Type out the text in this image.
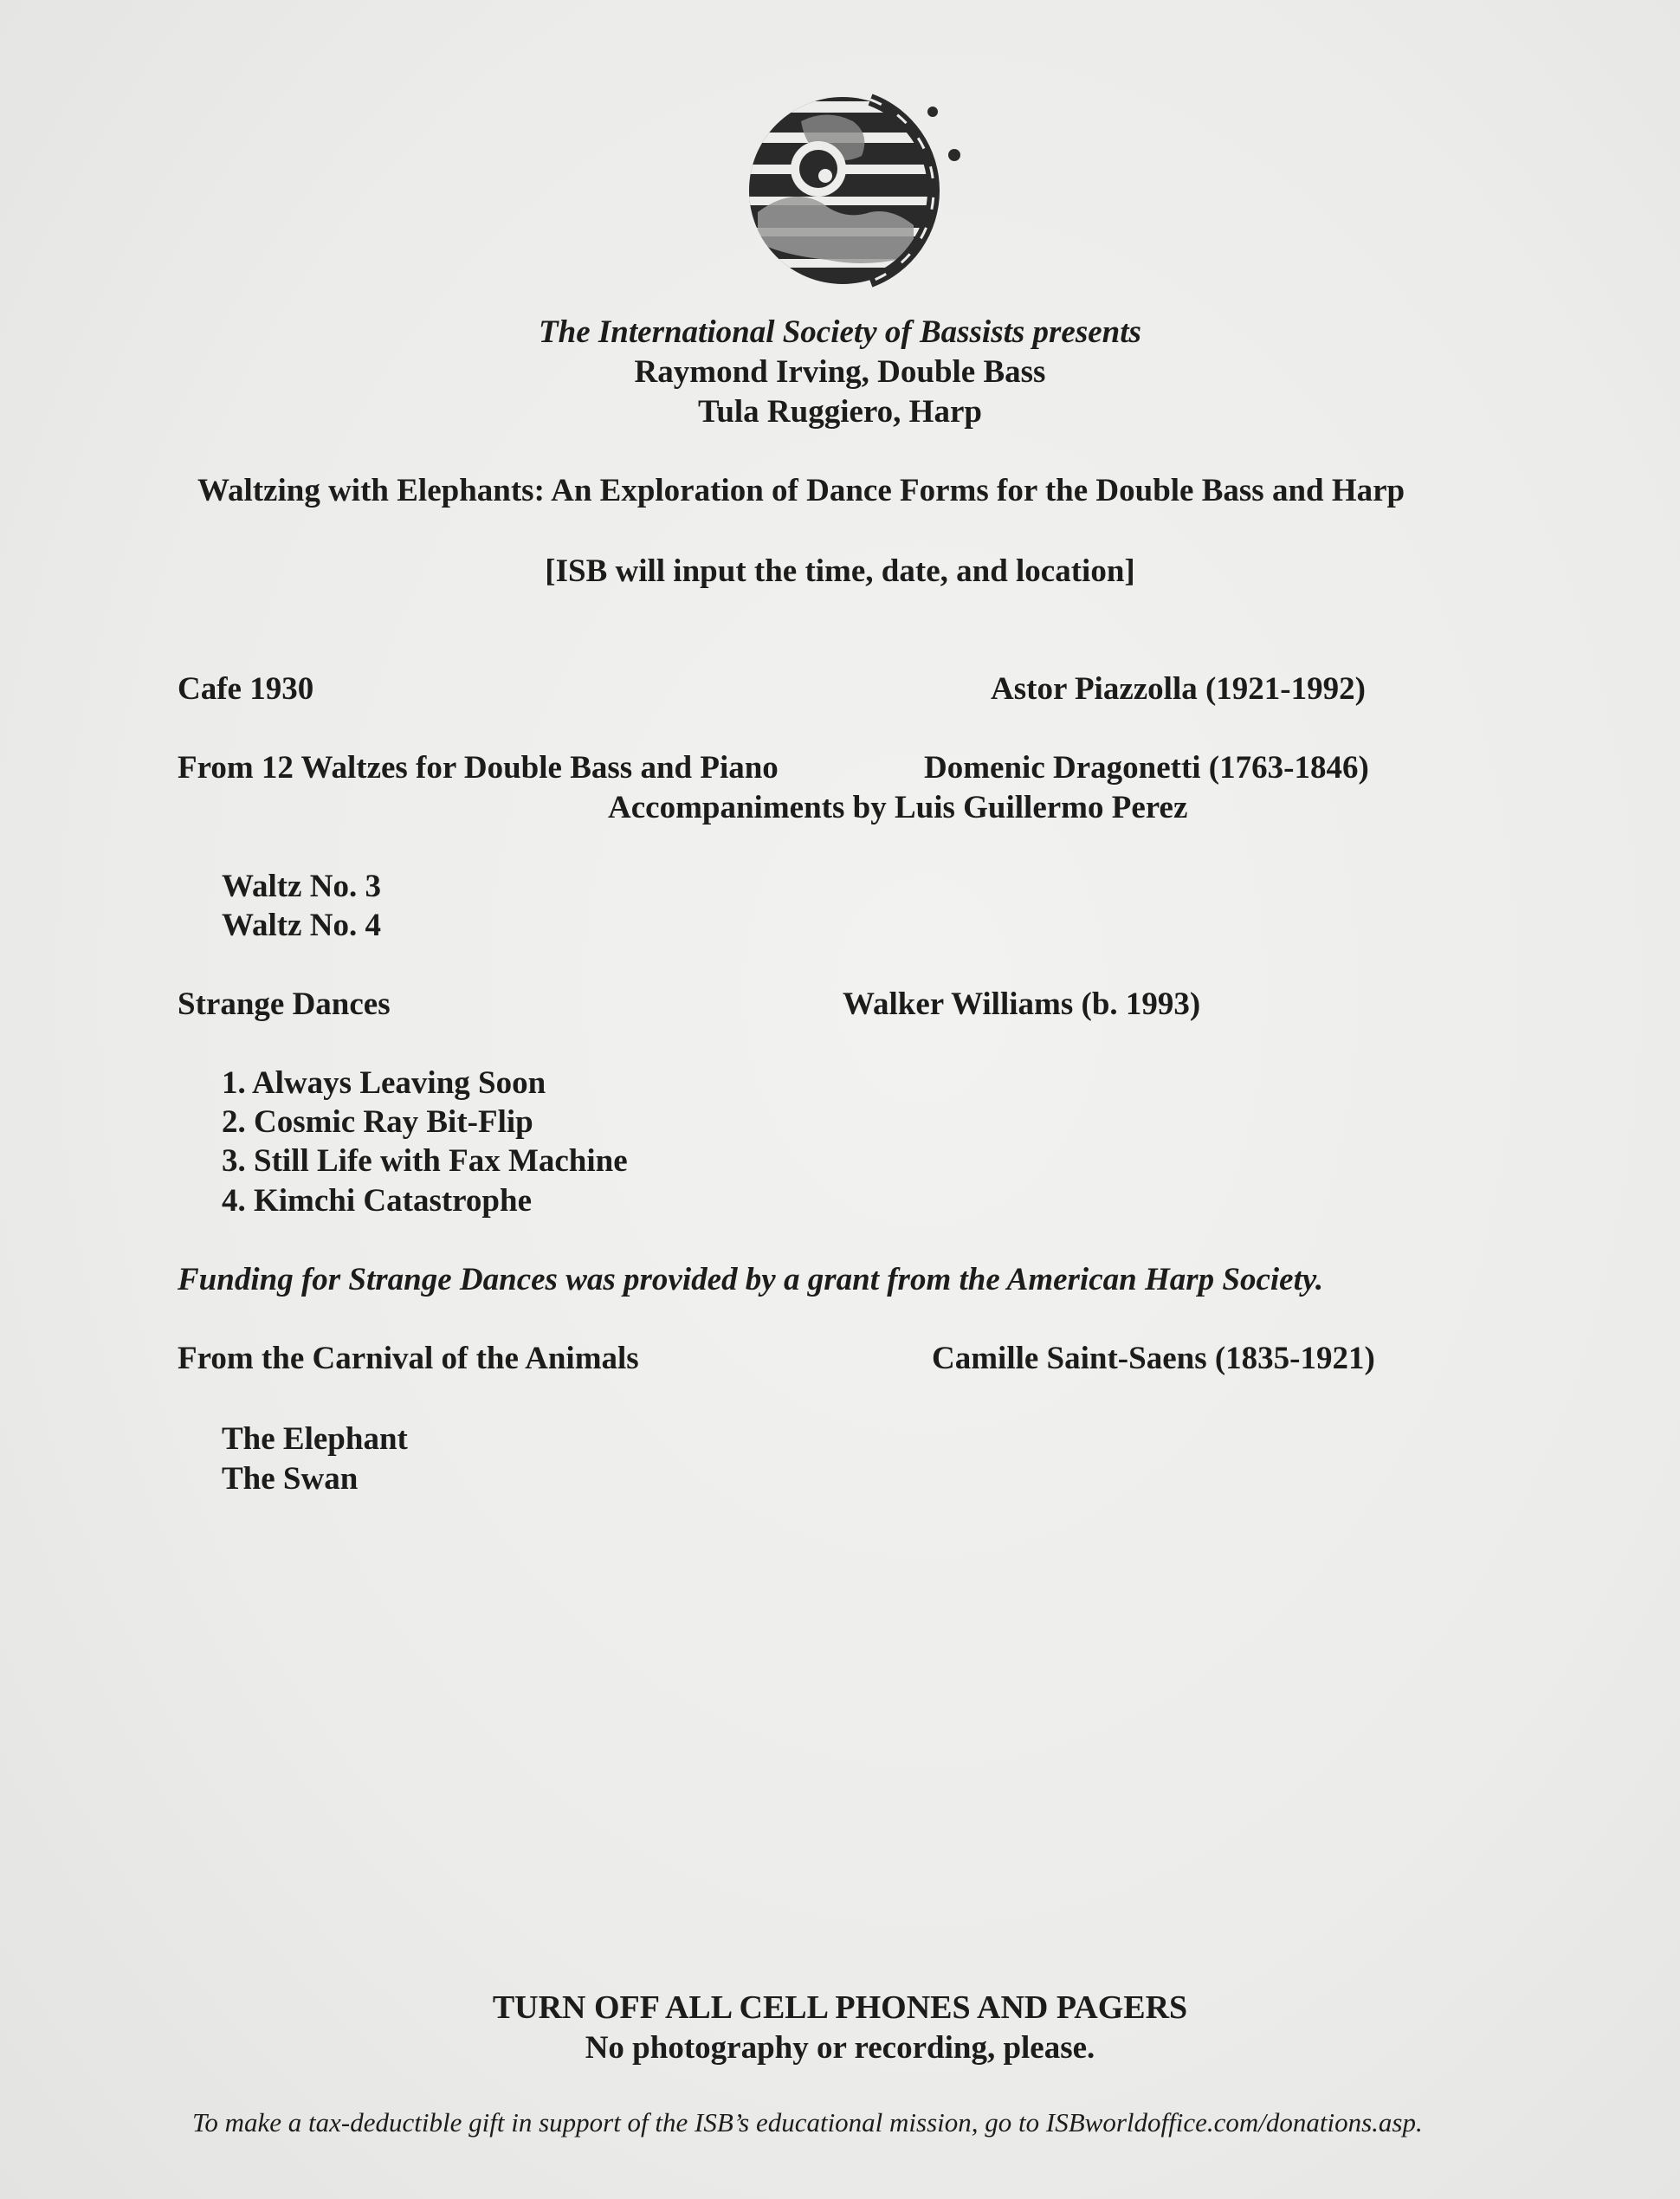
The International Society of Bassists presents
Raymond Irving, Double Bass
Tula Ruggiero, Harp
Waltzing with Elephants: An Exploration of Dance Forms for the Double Bass and Harp
[ISB will input the time, date, and location]
Cafe 1930	Astor Piazzolla (1921-1992)
From 12 Waltzes for Double Bass and Piano	Domenic Dragonetti (1763-1846)
Accompaniments by Luis Guillermo Perez
Waltz No. 3
Waltz No. 4
Strange Dances	Walker Williams (b. 1993)
1. Always Leaving Soon
2. Cosmic Ray Bit-Flip
3. Still Life with Fax Machine
4. Kimchi Catastrophe
Funding for Strange Dances was provided by a grant from the American Harp Society.
From the Carnival of the Animals	Camille Saint-Saens (1835-1921)
The Elephant
The Swan
TURN OFF ALL CELL PHONES AND PAGERS
No photography or recording, please.
To make a tax-deductible gift in support of the ISB’s educational mission, go to ISBworldoffice.com/donations.asp.
